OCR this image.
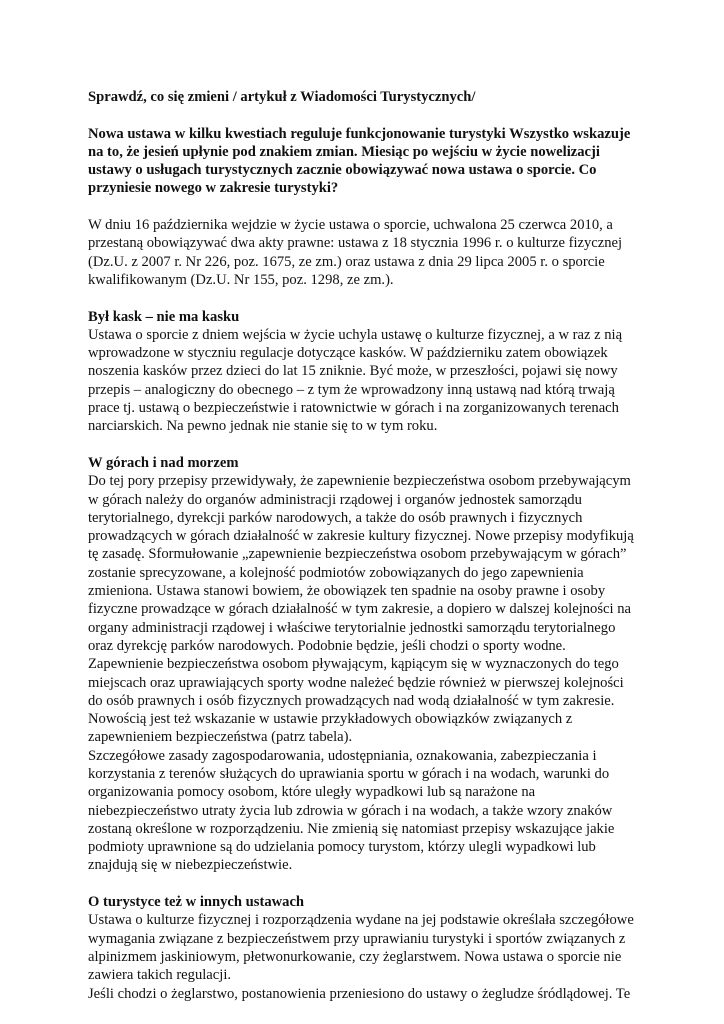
Sprawdź, co się zmieni / artykuł z Wiadomości Turystycznych/

Nowa ustawa w kilku kwestiach reguluje funkcjonowanie turystyki Wszystko wskazuje na to, że jesień upłynie pod znakiem zmian. Miesiąc po wejściu w życie nowelizacji ustawy o usługach turystycznych zacznie obowiązywać nowa ustawa o sporcie. Co przyniesie nowego w zakresie turystyki?

W dniu 16 października wejdzie w życie ustawa o sporcie, uchwalona 25 czerwca 2010, a przestaną obowiązywać dwa akty prawne: ustawa z 18 stycznia 1996 r. o kulturze fizycznej (Dz.U. z 2007 r. Nr 226, poz. 1675, ze zm.) oraz ustawa z dnia 29 lipca 2005 r. o sporcie kwalifikowanym (Dz.U. Nr 155, poz. 1298, ze zm.).

Był kask – nie ma kasku

Ustawa o sporcie z dniem wejścia w życie uchyla ustawę o kulturze fizycznej, a w raz z nią wprowadzone w styczniu regulacje dotyczące kasków. W październiku zatem obowiązek noszenia kasków przez dzieci do lat 15 zniknie. Być może, w przeszłości, pojawi się nowy przepis – analogiczny do obecnego – z tym że wprowadzony inną ustawą nad którą trwają prace tj. ustawą o bezpieczeństwie i ratownictwie w górach i na zorganizowanych terenach narciarskich. Na pewno jednak nie stanie się to w tym roku.

W górach i nad morzem

Do tej pory przepisy przewidywały, że zapewnienie bezpieczeństwa osobom przebywającym w górach należy do organów administracji rządowej i organów jednostek samorządu terytorialnego, dyrekcji parków narodowych, a także do osób prawnych i fizycznych prowadzących w górach działalność w zakresie kultury fizycznej. Nowe przepisy modyfikują tę zasadę. Sformułowanie „zapewnienie bezpieczeństwa osobom przebywającym w górach” zostanie sprecyzowane, a kolejność podmiotów zobowiązanych do jego zapewnienia zmieniona. Ustawa stanowi bowiem, że obowiązek ten spadnie na osoby prawne i osoby fizyczne prowadzące w górach działalność w tym zakresie, a dopiero w dalszej kolejności na organy administracji rządowej i właściwe terytorialnie jednostki samorządu terytorialnego oraz dyrekcję parków narodowych. Podobnie będzie, jeśli chodzi o sporty wodne.

Zapewnienie bezpieczeństwa osobom pływającym, kąpiącym się w wyznaczonych do tego miejscach oraz uprawiających sporty wodne należeć będzie również w pierwszej kolejności do osób prawnych i osób fizycznych prowadzących nad wodą działalność w tym zakresie. Nowością jest też wskazanie w ustawie przykładowych obowiązków związanych z zapewnieniem bezpieczeństwa (patrz tabela).

Szczegółowe zasady zagospodarowania, udostępniania, oznakowania, zabezpieczania i korzystania z terenów służących do uprawiania sportu w górach i na wodach, warunki do organizowania pomocy osobom, które uległy wypadkowi lub są narażone na niebezpieczeństwo utraty życia lub zdrowia w górach i na wodach, a także wzory znaków zostaną określone w rozporządzeniu. Nie zmienią się natomiast przepisy wskazujące jakie podmioty uprawnione są do udzielania pomocy turystom, którzy ulegli wypadkowi lub znajdują się w niebezpieczeństwie.

O turystyce też w innych ustawach

Ustawa o kulturze fizycznej i rozporządzenia wydane na jej podstawie określała szczegółowe wymagania związane z bezpieczeństwem przy uprawianiu turystyki i sportów związanych z alpinizmem jaskiniowym, płetwonurkowanie, czy żeglarstwem. Nowa ustawa o sporcie nie zawiera takich regulacji.

Jeśli chodzi o żeglarstwo, postanowienia przeniesiono do ustawy o żegludze śródlądowej. Te
